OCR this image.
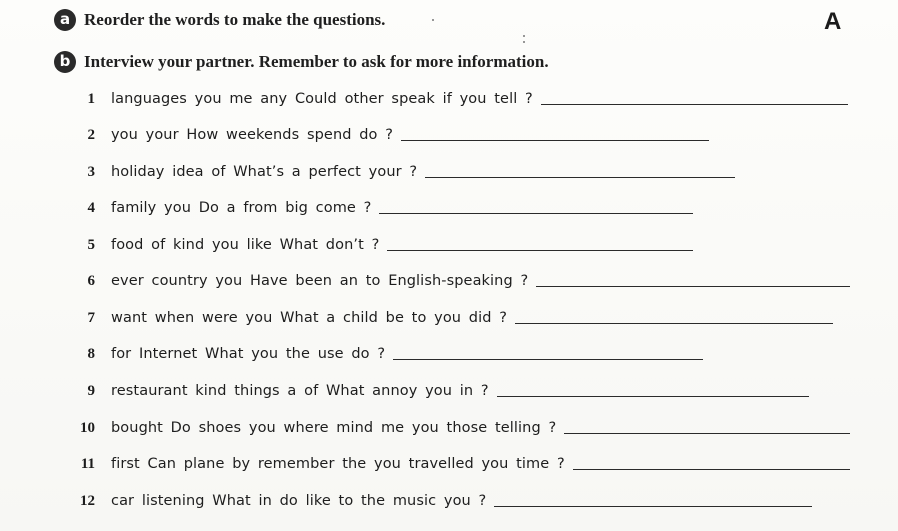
a Reorder the words to make the questions.	A
b Interview your partner. Remember to ask for more information.
1 languages you me any Could other speak if you tell ?
2 you your How weekends spend do ?
3 holiday idea of What’s a perfect your ?
4 family you Do a from big come ?
5 food of kind you like What don’t ?
6 ever country you Have been an to English-speaking ?
7 want when were you What a child be to you did ?
8 for Internet What you the use do ?
9 restaurant kind things a of What annoy you in ?
10 bought Do shoes you where mind me you those telling ?
11 first Can plane by remember the you travelled you time ?
12 car listening What in do like to the music you ?
